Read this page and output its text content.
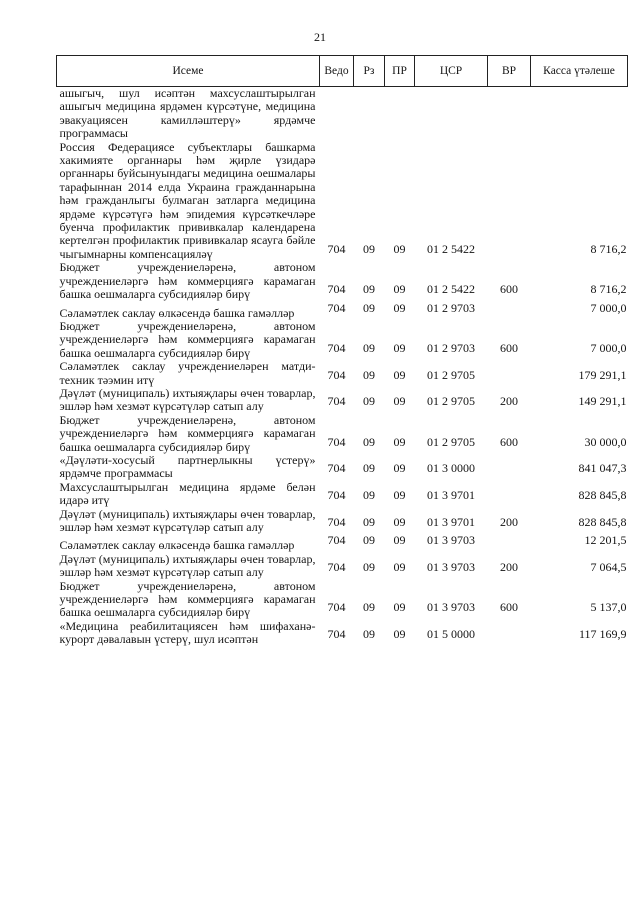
21
Исеме	Ведо	Рз	ПР	ЦСР	ВР	Касса үтәлеше
ашыгыч, шул исәптән махсуслаштырылган ашыгыч медицина ярдәмен күрсәтүне, медицина эвакуациясен камилләштерү» ярдәмче программасы						
Россия Федерациясе субъектлары башкарма хакимияте органнары һәм җирле үзидарә органнары буйсынуындагы медицина оешмалары тарафыннан 2014 елда Украина гражданнарына һәм гражданлыгы булмаган затларга медицина ярдәме күрсәтүгә һәм эпидемия күрсәткечләре буенча профилактик прививкалар календарена кертелгән профилактик прививкалар ясауга бәйле чыгымнарны компенсацияләү	704	09	09	01 2 5422		8 716,2
Бюджет учреждениеләренә, автоном учреждениеләргә һәм коммерциягә карамаган башка оешмаларга субсидияләр бирү	704	09	09	01 2 5422	600	8 716,2
Сәламәтлек саклау өлкәсендә башка гамәлләр	704	09	09	01 2 9703		7 000,0
Бюджет учреждениеләренә, автоном учреждениеләргә һәм коммерциягә карамаган башка оешмаларга субсидияләр бирү	704	09	09	01 2 9703	600	7 000,0
Сәламәтлек саклау учреждениеләрен матди-техник тәэмин итү	704	09	09	01 2 9705		179 291,1
Дәүләт (муниципаль) ихтыяҗлары өчен товарлар, эшләр һәм хезмәт күрсәтүләр сатып алу	704	09	09	01 2 9705	200	149 291,1
Бюджет учреждениеләренә, автоном учреждениеләргә һәм коммерциягә карамаган башка оешмаларга субсидияләр бирү	704	09	09	01 2 9705	600	30 000,0
«Дәүләти-хосусый партнерлыкны үстерү» ярдәмче программасы	704	09	09	01 3 0000		841 047,3
Махсуслаштырылган медицина ярдәме белән идарә итү	704	09	09	01 3 9701		828 845,8
Дәүләт (муниципаль) ихтыяҗлары өчен товарлар, эшләр һәм хезмәт күрсәтүләр сатып алу	704	09	09	01 3 9701	200	828 845,8
Сәламәтлек саклау өлкәсендә башка гамәлләр	704	09	09	01 3 9703		12 201,5
Дәүләт (муниципаль) ихтыяҗлары өчен товарлар, эшләр һәм хезмәт күрсәтүләр сатып алу	704	09	09	01 3 9703	200	7 064,5
Бюджет учреждениеләренә, автоном учреждениеләргә һәм коммерциягә карамаган башка оешмаларга субсидияләр бирү	704	09	09	01 3 9703	600	5 137,0
«Медицина реабилитациясен һәм шифаханә-курорт дәвалавын үстерү, шул исәптән	704	09	09	01 5 0000		117 169,9
